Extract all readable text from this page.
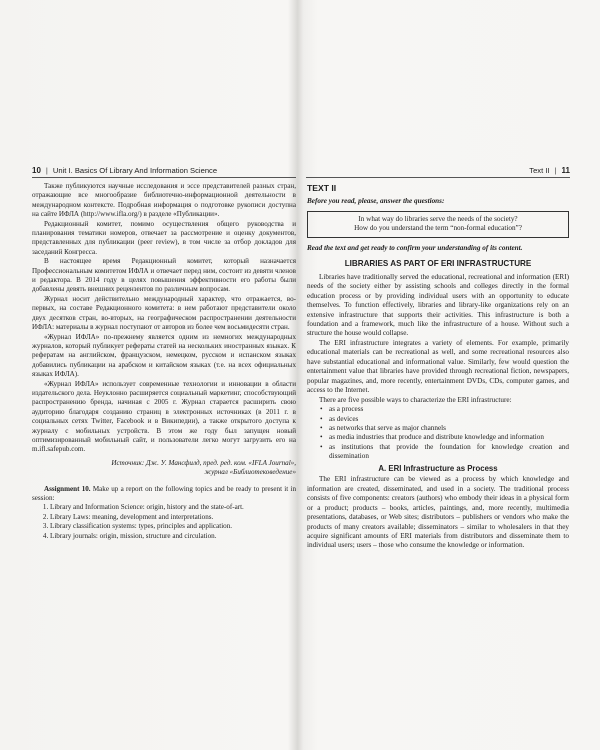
10 | Unit I. Basics Of Library And Information Science	Text II | 11

Также публикуются научные исследования и эссе представителей разных стран, отражающие все многообразие библиотечно-информационной деятельности в международном контексте. Подробная информация о подготовке рукописи доступна на сайте ИФЛА (http://www.ifla.org/) в разделе «Публикации».

Редакционный комитет, помимо осуществления общего руководства и планирования тематики номеров, отвечает за рассмотрение и оценку документов, представленных для публикации (peer review), в том числе за отбор докладов для заседаний Конгресса.

В настоящее время Редакционный комитет, который назначается Профессиональным комитетом ИФЛА и отвечает перед ним, состоит из девяти членов и редактора. В 2014 году в целях повышения эффективности его работы были добавлены девять внешних рецензентов по различным вопросам.

Журнал носит действительно международный характер, что отражается, во-первых, на составе Редакционного комитета: в нем работают представители около двух десятков стран, во-вторых, на географическом распространении деятельности ИФЛА: материалы в журнал поступают от авторов из более чем восьмидесяти стран.

«Журнал ИФЛА» по-прежнему является одним из немногих международных журналов, который публикует рефераты статей на нескольких иностранных языках. К рефератам на английском, французском, немецком, русском и испанском языках добавились публикации на арабском и китайском языках (т.е. на всех официальных языках ИФЛА).

«Журнал ИФЛА» использует современные технологии и инновации в области издательского дела. Неуклонно расширяется социальный маркетинг, способствующий распространению бренда, начиная с 2005 г. Журнал старается расширить свою аудиторию благодаря созданию страниц в электронных источниках (в 2011 г. в социальных сетях Twitter, Facebook и в Википедии), а также открытого доступа к журналу с мобильных устройств. В этом же году был запущен новый оптимизированный мобильный сайт, и пользователи легко могут загрузить его на m.ifl.safepub.com.

Источник: Дж. У. Мансфилд, пред. ред. ком. «IFLA Journal»,
журнал «Библиотековедение»

Assignment 10. Make up a report on the following topics and be ready to present it in session:

1. Library and Information Science: origin, history and the state-of-art.
2. Library Laws: meaning, development and interpretations.
3. Library classification systems: types, principles and application.
4. Library journals: origin, mission, structure and circulation.
TEXT II
Before you read, please, answer the questions:
In what way do libraries serve the needs of the society?
How do you understand the term “non-formal education”?
Read the text and get ready to confirm your understanding of its content.
LIBRARIES AS PART OF ERI INFRASTRUCTURE

Libraries have traditionally served the educational, recreational and information (ERI) needs of the society either by assisting schools and colleges directly in the formal education process or by providing individual users with an opportunity to educate themselves. To function effectively, libraries and library-like organizations rely on an extensive infrastructure that supports their activities. This infrastructure is both a foundation and a framework, much like the infrastructure of a house. Without such a structure the house would collapse.

The ERI infrastructure integrates a variety of elements. For example, primarily educational materials can be recreational as well, and some recreational resources also have substantial educational and informational value. Similarly, few would question the entertainment value that libraries have provided through recreational fiction, newspapers, popular magazines, and, more recently, entertainment DVDs, CDs, computer games, and access to the Internet.

There are five possible ways to characterize the ERI infrastructure:

• as a process
• as devices
• as networks that serve as major channels
• as media industries that produce and distribute knowledge and information
• as institutions that provide the foundation for knowledge creation and dissemination
A. ERI Infrastructure as Process

The ERI infrastructure can be viewed as a process by which knowledge and information are created, disseminated, and used in a society. The traditional process consists of five components: creators (authors) who embody their ideas in a physical form or a product; products – books, articles, paintings, and, more recently, multimedia presentations, databases, or Web sites; distributors – publishers or vendors who make the products of many creators available; disseminators – similar to wholesalers in that they acquire significant amounts of ERI materials from distributors and disseminate them to individual users; users – those who consume the knowledge or information.
